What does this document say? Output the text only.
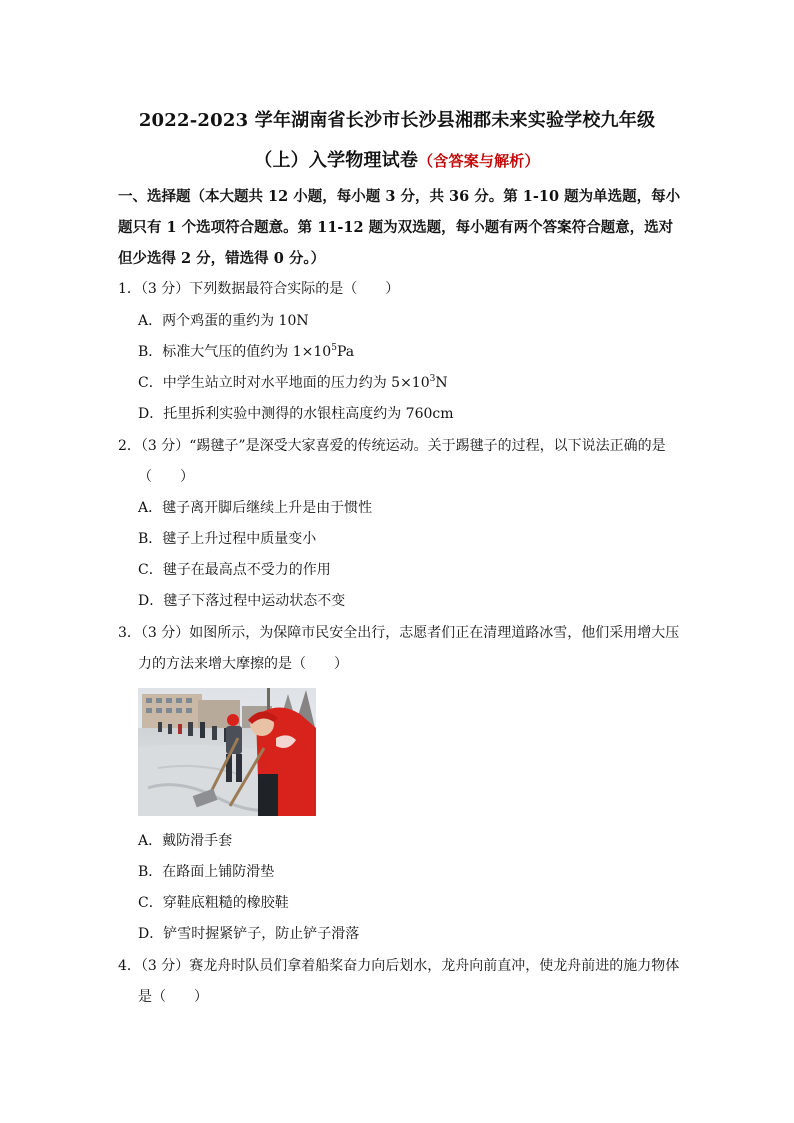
2022-2023 学年湖南省长沙市长沙县湘郡未来实验学校九年级
（上）入学物理试卷（含答案与解析）
一、选择题（本大题共 12 小题，每小题 3 分，共 36 分。第 1-10 题为单选题，每小题只有 1 个选项符合题意。第 11-12 题为双选题，每小题有两个答案符合题意，选对但少选得 2 分，错选得 0 分。）
1．（3 分）下列数据最符合实际的是（　　）
A．两个鸡蛋的重约为 10N
B．标准大气压的值约为 $1\times 10^5Pa$
C．中学生站立时对水平地面的压力约为 $5\times 10^3N$
D．托里拆利实验中测得的水银柱高度约为 760cm
2．（3 分）“踢毽子”是深受大家喜爱的传统运动。关于踢毽子的过程，以下说法正确的是
（　　）
A．毽子离开脚后继续上升是由于惯性
B．毽子上升过程中质量变小
C．毽子在最高点不受力的作用
D．毽子下落过程中运动状态不变
3．（3 分）如图所示，为保障市民安全出行，志愿者们正在清理道路冰雪，他们采用增大压
力的方法来增大摩擦的是（　　）
A．戴防滑手套
B．在路面上铺防滑垫
C．穿鞋底粗糙的橡胶鞋
D．铲雪时握紧铲子，防止铲子滑落
4．（3 分）赛龙舟时队员们拿着船桨奋力向后划水，龙舟向前直冲，使龙舟前进的施力物体
是（　　）
